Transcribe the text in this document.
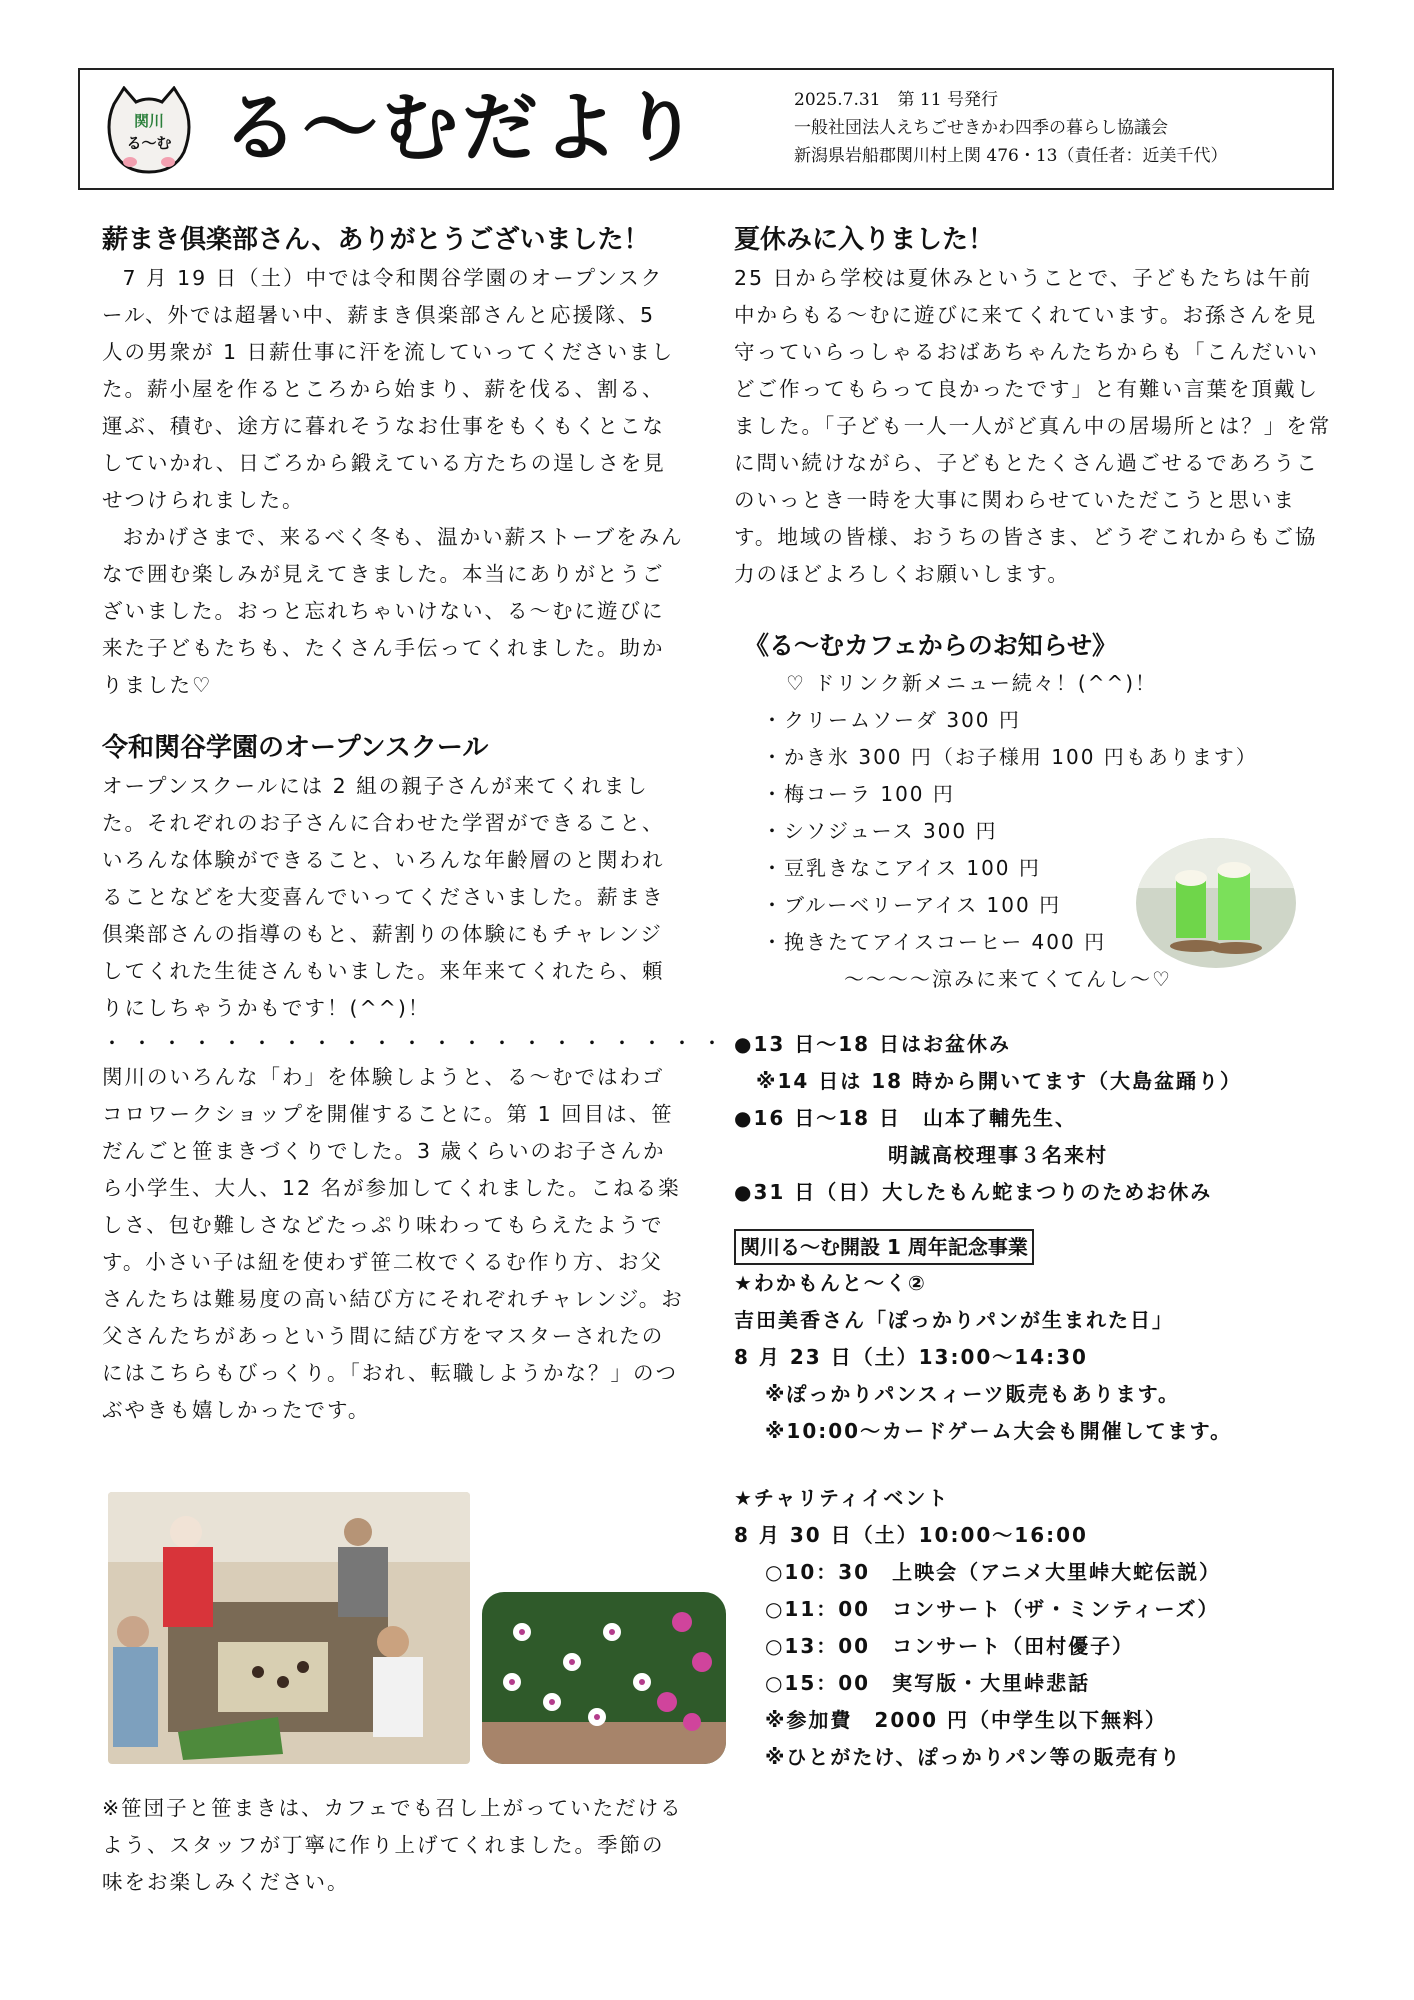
関川
る〜む る〜むだより	2025.7.31　第 11 号発行
一般社団法人えちごせきかわ四季の暮らし協議会
新潟県岩船郡関川村上関 476・13（責任者：近美千代）
薪まき倶楽部さん、ありがとうございました！

7 月 19 日（土）中では令和関谷学園のオープンスクール、外では超暑い中、薪まき倶楽部さんと応援隊、5 人の男衆が 1 日薪仕事に汗を流していってくださいました。薪小屋を作るところから始まり、薪を伐る、割る、運ぶ、積む、途方に暮れそうなお仕事をもくもくとこなしていかれ、日ごろから鍛えている方たちの逞しさを見せつけられました。

おかげさまで、来るべく冬も、温かい薪ストーブをみんなで囲む楽しみが見えてきました。本当にありがとうございました。おっと忘れちゃいけない、る〜むに遊びに来た子どもたちも、たくさん手伝ってくれました。助かりました♡

令和関谷学園のオープンスクール

オープンスクールには 2 組の親子さんが来てくれました。それぞれのお子さんに合わせた学習ができること、いろんな体験ができること、いろんな年齢層のと関われることなどを大変喜んでいってくださいました。薪まき倶楽部さんの指導のもと、薪割りの体験にもチャレンジしてくれた生徒さんもいました。来年来てくれたら、頼りにしちゃうかもです！(^^)！

・・・・・・・・・・・・・・・・・・・・・・

関川のいろんな「わ」を体験しようと、る〜むではわゴコロワークショップを開催することに。第 1 回目は、笹だんごと笹まきづくりでした。3 歳くらいのお子さんから小学生、大人、12 名が参加してくれました。こねる楽しさ、包む難しさなどたっぷり味わってもらえたようです。小さい子は紐を使わず笹二枚でくるむ作り方、お父さんたちは難易度の高い結び方にそれぞれチャレンジ。お父さんたちがあっという間に結び方をマスターされたのにはこちらもびっくり。「おれ、転職しようかな？」のつぶやきも嬉しかったです。

※笹団子と笹まきは、カフェでも召し上がっていただけるよう、スタッフが丁寧に作り上げてくれました。季節の味をお楽しみください。

夏休みに入りました！

25 日から学校は夏休みということで、子どもたちは午前中からもる〜むに遊びに来てくれています。お孫さんを見守っていらっしゃるおばあちゃんたちからも「こんだいいどご作ってもらって良かったです」と有難い言葉を頂戴しました。「子ども一人一人がど真ん中の居場所とは？」を常に問い続けながら、子どもとたくさん過ごせるであろうこのいっとき一時を大事に関わらせていただこうと思います。地域の皆様、おうちの皆さま、どうぞこれからもご協力のほどよろしくお願いします。

《る〜むカフェからのお知らせ》
♡ ドリンク新メニュー続々！(^^)！
・クリームソーダ 300 円
・かき氷 300 円（お子様用 100 円もあります）
・梅コーラ 100 円
・シソジュース 300 円
・豆乳きなこアイス 100 円
・ブルーベリーアイス 100 円
・挽きたてアイスコーヒー 400 円
〜〜〜〜涼みに来てくてんし〜♡
●13 日〜18 日はお盆休み
　※14 日は 18 時から開いてます（大島盆踊り）
●16 日〜18 日　山本了輔先生、
　　　　　　　明誠高校理事３名来村
●31 日（日）大したもん蛇まつりのためお休み
関川る〜む開設 1 周年記念事業
★わかもんと〜く②
吉田美香さん「ぽっかりパンが生まれた日」
8 月 23 日（土）13:00〜14:30
　 ※ぽっかりパンスィーツ販売もあります。
　 ※10:00〜カードゲーム大会も開催してます。
★チャリティイベント
8 月 30 日（土）10:00〜16:00
　 ○10：30　上映会（アニメ大里峠大蛇伝説）
　 ○11：00　コンサート（ザ・ミンティーズ）
　 ○13：00　コンサート（田村優子）
　 ○15：00　実写版・大里峠悲話
　 ※参加費　2000 円（中学生以下無料）
　 ※ひとがたけ、ぽっかりパン等の販売有り
